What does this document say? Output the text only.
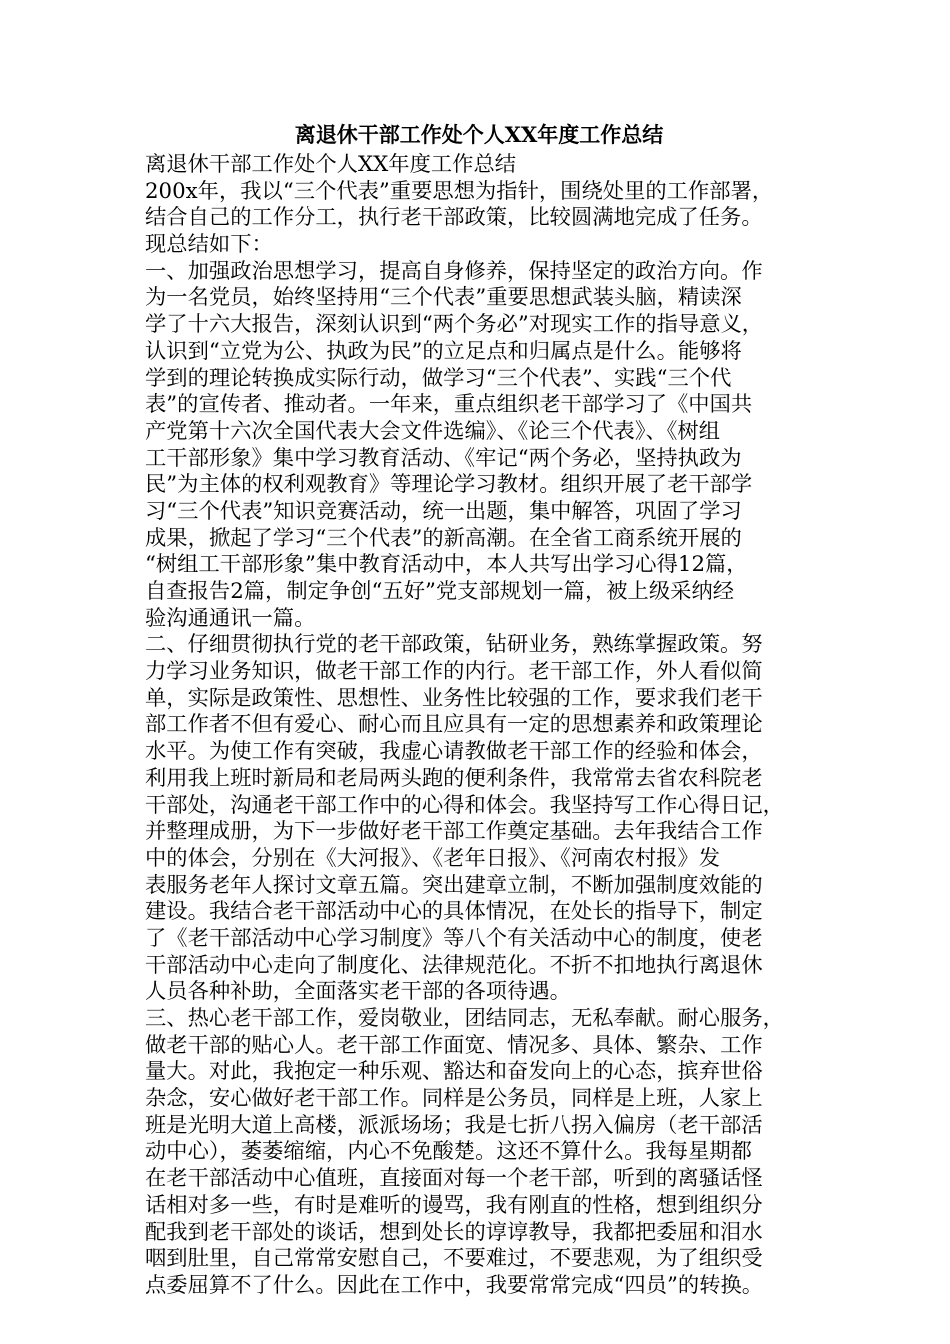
离退休干部工作处个人XX年度工作总结
离退休干部工作处个人XX年度工作总结
200x年，我以“三个代表”重要思想为指针，围绕处里的工作部署，
结合自己的工作分工，执行老干部政策，比较圆满地完成了任务。
现总结如下：
一、加强政治思想学习，提高自身修养，保持坚定的政治方向。作
为一名党员，始终坚持用“三个代表”重要思想武装头脑，精读深
学了十六大报告，深刻认识到“两个务必”对现实工作的指导意义，
认识到“立党为公、执政为民”的立足点和归属点是什么。能够将
学到的理论转换成实际行动，做学习“三个代表”、实践“三个代
表”的宣传者、推动者。一年来，重点组织老干部学习了《中国共
产党第十六次全国代表大会文件选编》、《论三个代表》、《树组
工干部形象》集中学习教育活动、《牢记“两个务必，坚持执政为
民”为主体的权利观教育》等理论学习教材。组织开展了老干部学
习“三个代表”知识竞赛活动，统一出题，集中解答，巩固了学习
成果，掀起了学习“三个代表”的新高潮。在全省工商系统开展的
“树组工干部形象”集中教育活动中，本人共写出学习心得12篇，
自查报告2篇，制定争创“五好”党支部规划一篇，被上级采纳经
验沟通通讯一篇。
二、仔细贯彻执行党的老干部政策，钻研业务，熟练掌握政策。努
力学习业务知识，做老干部工作的内行。老干部工作，外人看似简
单，实际是政策性、思想性、业务性比较强的工作，要求我们老干
部工作者不但有爱心、耐心而且应具有一定的思想素养和政策理论
水平。为使工作有突破，我虚心请教做老干部工作的经验和体会，
利用我上班时新局和老局两头跑的便利条件，我常常去省农科院老
干部处，沟通老干部工作中的心得和体会。我坚持写工作心得日记，
并整理成册，为下一步做好老干部工作奠定基础。去年我结合工作
中的体会，分别在《大河报》、《老年日报》、《河南农村报》发
表服务老年人探讨文章五篇。突出建章立制，不断加强制度效能的
建设。我结合老干部活动中心的具体情况，在处长的指导下，制定
了《老干部活动中心学习制度》等八个有关活动中心的制度，使老
干部活动中心走向了制度化、法律规范化。不折不扣地执行离退休
人员各种补助，全面落实老干部的各项待遇。
三、热心老干部工作，爱岗敬业，团结同志，无私奉献。耐心服务，
做老干部的贴心人。老干部工作面宽、情况多、具体、繁杂、工作
量大。对此，我抱定一种乐观、豁达和奋发向上的心态，摈弃世俗
杂念，安心做好老干部工作。同样是公务员，同样是上班，人家上
班是光明大道上高楼，派派场场；我是七折八拐入偏房（老干部活
动中心），萎萎缩缩，内心不免酸楚。这还不算什么。我每星期都
在老干部活动中心值班，直接面对每一个老干部，听到的离骚话怪
话相对多一些，有时是难听的谩骂，我有刚直的性格，想到组织分
配我到老干部处的谈话，想到处长的谆谆教导，我都把委屈和泪水
咽到肚里，自己常常安慰自己，不要难过，不要悲观，为了组织受
点委屈算不了什么。因此在工作中，我要常常完成“四员”的转换。
